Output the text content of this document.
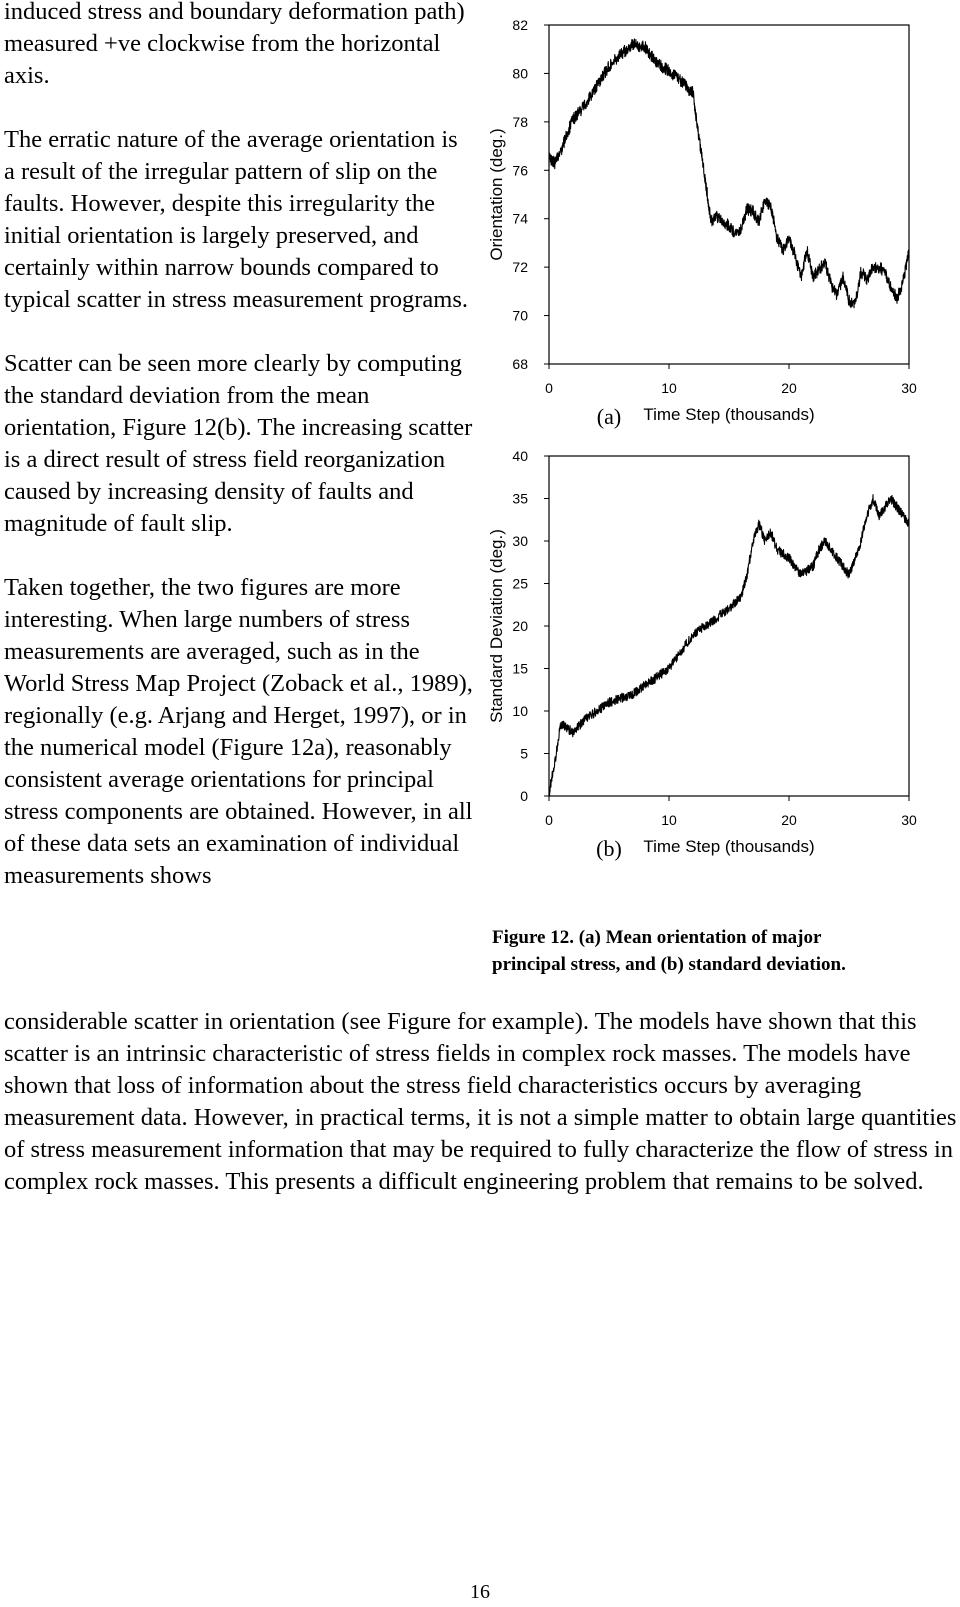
induced stress and boundary deformation path) measured +ve clockwise from the horizontal axis.

The erratic nature of the average orientation is a result of the irregular pattern of slip on the faults. However, despite this irregularity the initial orientation is largely preserved, and certainly within narrow bounds compared to typical scatter in stress measurement programs.

Scatter can be seen more clearly by computing the standard deviation from the mean orientation, Figure 12(b). The increasing scatter is a direct result of stress field reorganization caused by increasing density of faults and magnitude of fault slip.

Taken together, the two figures are more interesting. When large numbers of stress measurements are averaged, such as in the World Stress Map Project (Zoback et al., 1989), regionally (e.g. Arjang and Herget, 1997), or in the numerical model (Figure 12a), reasonably consistent average orientations for principal stress components are obtained. However, in all of these data sets an examination of individual measurements shows

68
70
72
74
76
78
80
82
0	10	20	30
Orientation (deg.)
(a) Time Step (thousands)
0
5
10
15
20
25
30
35
40
0	10	20	30
Standard Deviation (deg.)
(b) Time Step (thousands)
Figure 12. (a) Mean orientation of major
principal stress, and (b) standard deviation.

considerable scatter in orientation (see Figure for example). The models have shown that this scatter is an intrinsic characteristic of stress fields in complex rock masses. The models have shown that loss of information about the stress field characteristics occurs by averaging measurement data. However, in practical terms, it is not a simple matter to obtain large quantities of stress measurement information that may be required to fully characterize the flow of stress in complex rock masses. This presents a difficult engineering problem that remains to be solved.

16
